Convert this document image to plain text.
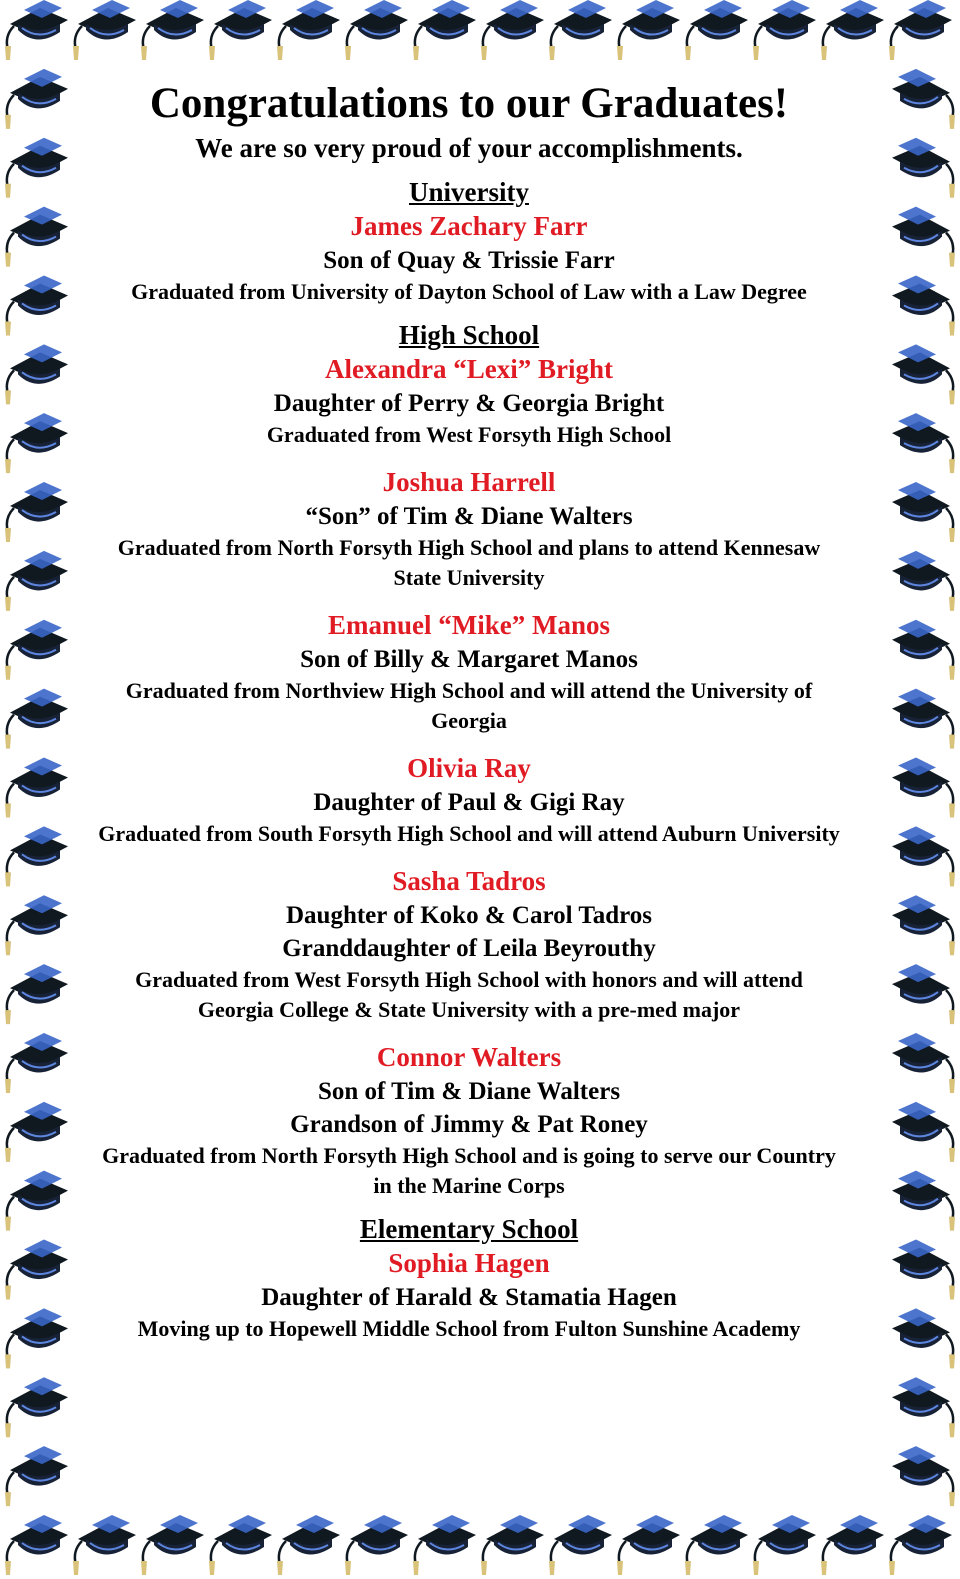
Congratulations to our Graduates!

We are so very proud of your accomplishments.

University
James Zachary Farr
Son of Quay & Trissie Farr
Graduated from University of Dayton School of Law with a Law Degree
High School
Alexandra “Lexi” Bright
Daughter of Perry & Georgia Bright
Graduated from West Forsyth High School
Joshua Harrell
“Son” of Tim & Diane Walters
Graduated from North Forsyth High School and plans to attend Kennesaw State University
Emanuel “Mike” Manos
Son of Billy & Margaret Manos
Graduated from Northview High School and will attend the University of Georgia
Olivia Ray
Daughter of Paul & Gigi Ray
Graduated from South Forsyth High School and will attend Auburn University
Sasha Tadros
Daughter of Koko & Carol Tadros
Granddaughter of Leila Beyrouthy
Graduated from West Forsyth High School with honors and will attend Georgia College & State University with a pre-med major
Connor Walters
Son of Tim & Diane Walters
Grandson of Jimmy & Pat Roney
Graduated from North Forsyth High School and is going to serve our Country in the Marine Corps
Elementary School
Sophia Hagen
Daughter of Harald & Stamatia Hagen
Moving up to Hopewell Middle School from Fulton Sunshine Academy
